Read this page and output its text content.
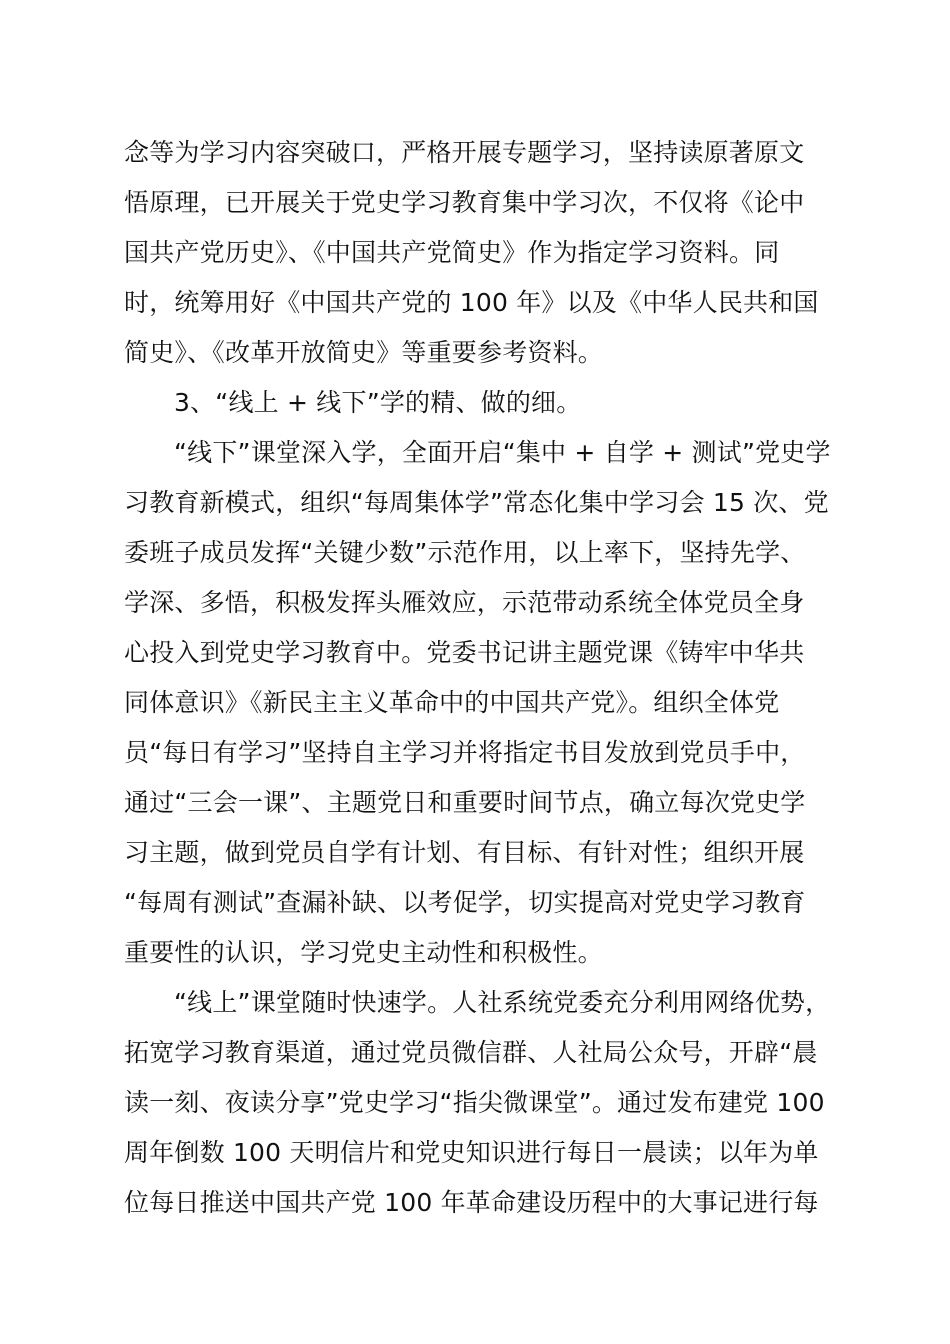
念等为学习内容突破口，严格开展专题学习，坚持读原著原文
悟原理，已开展关于党史学习教育集中学习次，不仅将《论中
国共产党历史》、《中国共产党简史》作为指定学习资料。同
时，统筹用好《中国共产党的 100 年》以及《中华人民共和国
简史》、《改革开放简史》等重要参考资料。
3、“线上 + 线下”学的精、做的细。
“线下”课堂深入学，全面开启“集中 + 自学 + 测试”党史学
习教育新模式，组织“每周集体学”常态化集中学习会 15 次、党
委班子成员发挥“关键少数”示范作用，以上率下，坚持先学、
学深、多悟，积极发挥头雁效应，示范带动系统全体党员全身
心投入到党史学习教育中。党委书记讲主题党课《铸牢中华共
同体意识》《新民主主义革命中的中国共产党》。组织全体党
员“每日有学习”坚持自主学习并将指定书目发放到党员手中，
通过“三会一课”、主题党日和重要时间节点，确立每次党史学
习主题，做到党员自学有计划、有目标、有针对性；组织开展
“每周有测试”查漏补缺、以考促学，切实提高对党史学习教育
重要性的认识，学习党史主动性和积极性。
“线上”课堂随时快速学。人社系统党委充分利用网络优势，
拓宽学习教育渠道，通过党员微信群、人社局公众号，开辟“晨
读一刻、夜读分享”党史学习“指尖微课堂”。通过发布建党 100
周年倒数 100 天明信片和党史知识进行每日一晨读；以年为单
位每日推送中国共产党 100 年革命建设历程中的大事记进行每
